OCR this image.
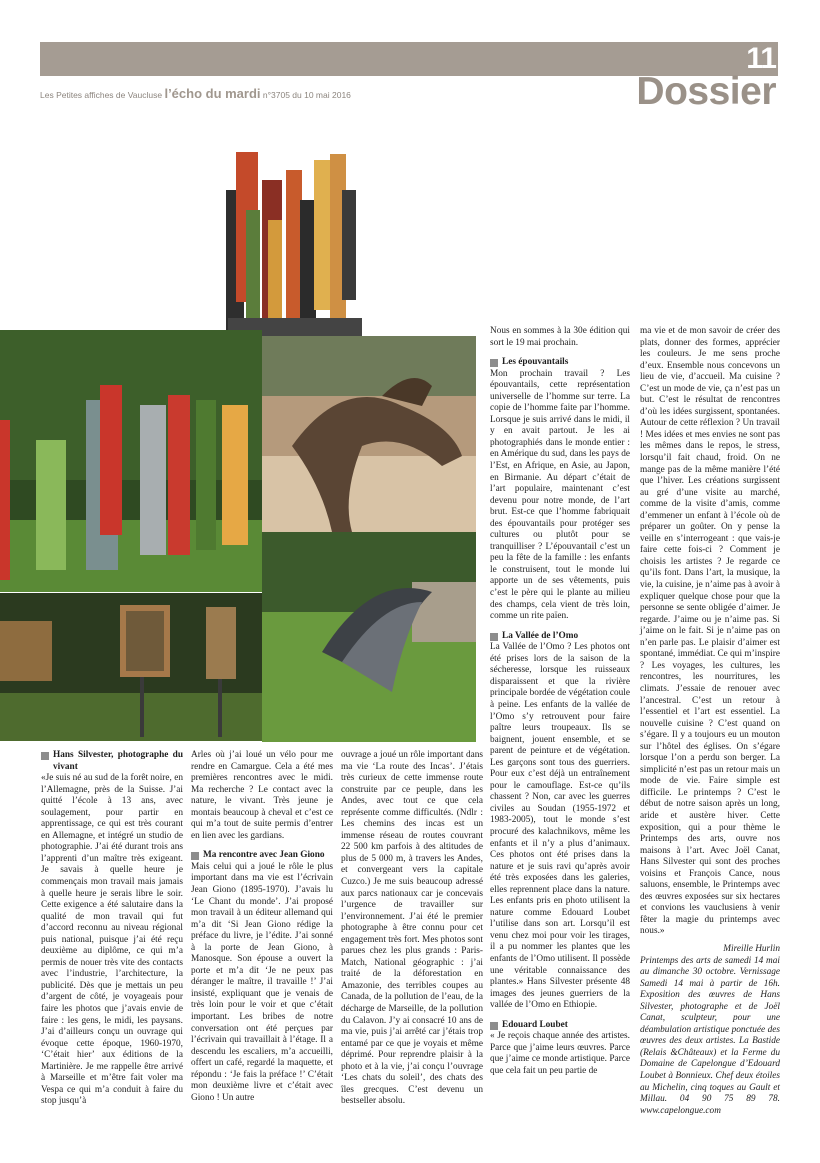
11
Dossier
Les Petites affiches de Vaucluse l’écho du mardi n°3705 du 10 mai 2016
Hans Silvester, photographe du vivant

«Je suis né au sud de la forêt noire, en l’Allemagne, près de la Suisse. J’ai quitté l’école à 13 ans, avec soulagement, pour partir en apprentissage, ce qui est très courant en Allemagne, et intégré un studio de photographie. J’ai été durant trois ans l’apprenti d’un maître très exigeant. Je savais à quelle heure je commençais mon travail mais jamais à quelle heure je serais libre le soir. Cette exigence a été salutaire dans la qualité de mon travail qui fut d’accord reconnu au niveau régional puis national, puisque j’ai été reçu deuxième au diplôme, ce qui m’a permis de nouer très vite des contacts avec l’industrie, l’architecture, la publicité. Dès que je mettais un peu d’argent de côté, je voyageais pour faire les photos que j’avais envie de faire : les gens, le midi, les paysans. J’ai d’ailleurs conçu un ouvrage qui évoque cette époque, 1960-1970, ‘C’était hier’ aux éditions de la Martinière. Je me rappelle être arrivé à Marseille et m’être fait voler ma Vespa ce qui m’a conduit à faire du stop jusqu’à

Arles où j’ai loué un vélo pour me rendre en Camargue. Cela a été mes premières rencontres avec le midi. Ma recherche ? Le contact avec la nature, le vivant. Très jeune je montais beaucoup à cheval et c’est ce qui m’a tout de suite permis d’entrer en lien avec les gardians.

Ma rencontre avec Jean Giono

Mais celui qui a joué le rôle le plus important dans ma vie est l’écrivain Jean Giono (1895-1970). J’avais lu ‘Le Chant du monde’. J’ai proposé mon travail à un éditeur allemand qui m’a dit ‘Si Jean Giono rédige la préface du livre, je l’édite. J’ai sonné à la porte de Jean Giono, à Manosque. Son épouse a ouvert la porte et m’a dit ‘Je ne peux pas déranger le maître, il travaille !’ J’ai insisté, expliquant que je venais de très loin pour le voir et que c’était important. Les bribes de notre conversation ont été perçues par l’écrivain qui travaillait à l’étage. Il a descendu les escaliers, m’a accueilli, offert un café, regardé la maquette, et répondu : ‘Je fais la préface !’ C’était mon deuxième livre et c’était avec Giono ! Un autre

ouvrage a joué un rôle important dans ma vie ‘La route des Incas’. J’étais très curieux de cette immense route construite par ce peuple, dans les Andes, avec tout ce que cela représente comme difficultés. (Ndlr : Les chemins des incas est un immense réseau de routes couvrant 22 500 km parfois à des altitudes de plus de 5 000 m, à travers les Andes, et convergeant vers la capitale Cuzco.) Je me suis beaucoup adressé aux parcs nationaux car je concevais l’urgence de travailler sur l’environnement. J’ai été le premier photographe à être connu pour cet engagement très fort. Mes photos sont parues chez les plus grands : Paris-Match, National géographic : j’ai traité de la déforestation en Amazonie, des terribles coupes au Canada, de la pollution de l’eau, de la décharge de Marseille, de la pollution du Calavon. J’y ai consacré 10 ans de ma vie, puis j’ai arrêté car j’étais trop entamé par ce que je voyais et même déprimé. Pour reprendre plaisir à la photo et à la vie, j’ai conçu l’ouvrage ‘Les chats du soleil’, des chats des îles grecques. C’est devenu un bestseller absolu.

Nous en sommes à la 30e édition qui sort le 19 mai prochain.

Les épouvantails

Mon prochain travail ? Les épouvantails, cette représentation universelle de l’homme sur terre. La copie de l’homme faite par l’homme. Lorsque je suis arrivé dans le midi, il y en avait partout. Je les ai photographiés dans le monde entier : en Amérique du sud, dans les pays de l’Est, en Afrique, en Asie, au Japon, en Birmanie. Au départ c’était de l’art populaire, maintenant c’est devenu pour notre monde, de l’art brut. Est-ce que l’homme fabriquait des épouvantails pour protéger ses cultures ou plutôt pour se tranquilliser ? L’épouvantail c’est un peu la fête de la famille : les enfants le construisent, tout le monde lui apporte un de ses vêtements, puis c’est le père qui le plante au milieu des champs, cela vient de très loin, comme un rite païen.

La Vallée de l’Omo

La Vallée de l’Omo ? Les photos ont été prises lors de la saison de la sécheresse, lorsque les ruisseaux disparaissent et que la rivière principale bordée de végétation coule à peine. Les enfants de la vallée de l’Omo s’y retrouvent pour faire paître leurs troupeaux. Ils se baignent, jouent ensemble, et se parent de peinture et de végétation. Les garçons sont tous des guerriers. Pour eux c’est déjà un entraînement pour le camouflage. Est-ce qu’ils chassent ? Non, car avec les guerres civiles au Soudan (1955-1972 et 1983-2005), tout le monde s’est procuré des kalachnikovs, même les enfants et il n’y a plus d’animaux. Ces photos ont été prises dans la nature et je suis ravi qu’après avoir été très exposées dans les galeries, elles reprennent place dans la nature. Les enfants pris en photo utilisent la nature comme Edouard Loubet l’utilise dans son art. Lorsqu’il est venu chez moi pour voir les tirages, il a pu nommer les plantes que les enfants de l’Omo utilisent. Il possède une véritable connaissance des plantes.» Hans Silvester présente 48 images des jeunes guerriers de la vallée de l’Omo en Ethiopie.

Edouard Loubet

« Je reçois chaque année des artistes. Parce que j’aime leurs œuvres. Parce que j’aime ce monde artistique. Parce que cela fait un peu partie de

ma vie et de mon savoir de créer des plats, donner des formes, apprécier les couleurs. Je me sens proche d’eux. Ensemble nous concevons un lieu de vie, d’accueil. Ma cuisine ? C’est un mode de vie, ça n’est pas un but. C’est le résultat de rencontres d’où les idées surgissent, spontanées. Autour de cette réflexion ? Un travail ! Mes idées et mes envies ne sont pas les mêmes dans le repos, le stress, lorsqu’il fait chaud, froid. On ne mange pas de la même manière l’été que l’hiver. Les créations surgissent au gré d’une visite au marché, comme de la visite d’amis, comme d’emmener un enfant à l’école où de préparer un goûter. On y pense la veille en s’interrogeant : que vais-je faire cette fois-ci ? Comment je choisis les artistes ? Je regarde ce qu’ils font. Dans l’art, la musique, la vie, la cuisine, je n’aime pas à avoir à expliquer quelque chose pour que la personne se sente obligée d’aimer. Je regarde. J’aime ou je n’aime pas. Si j’aime on le fait. Si je n’aime pas on n’en parle pas. Le plaisir d’aimer est spontané, immédiat. Ce qui m’inspire ? Les voyages, les cultures, les rencontres, les nourritures, les climats. J’essaie de renouer avec l’ancestral. C’est un retour à l’essentiel et l’art est essentiel. La nouvelle cuisine ? C’est quand on s’égare. Il y a toujours eu un mouton sur l’hôtel des églises. On s’égare lorsque l’on a perdu son berger. La simplicité n’est pas un retour mais un mode de vie. Faire simple est difficile. Le printemps ? C’est le début de notre saison après un long, aride et austère hiver. Cette exposition, qui a pour thème le Printemps des arts, ouvre nos maisons à l’art. Avec Joël Canat, Hans Silvester qui sont des proches voisins et François Cance, nous saluons, ensemble, le Printemps avec des œuvres exposées sur six hectares et convions les vauclusiens à venir fêter la magie du printemps avec nous.»

Mireille Hurlin

Printemps des arts de samedi 14 mai au dimanche 30 octobre. Vernissage Samedi 14 mai à partir de 16h. Exposition des œuvres de Hans Silvester, photographe et de Joël Canat, sculpteur, pour une déambulation artistique ponctuée des œuvres des deux artistes. La Bastide (Relais &Châteaux) et la Ferme du Domaine de Capelongue d’Edouard Loubet à Bonnieux. Chef deux étoiles au Michelin, cinq toques au Gault et Millau. 04 90 75 89 78. www.capelongue.com
